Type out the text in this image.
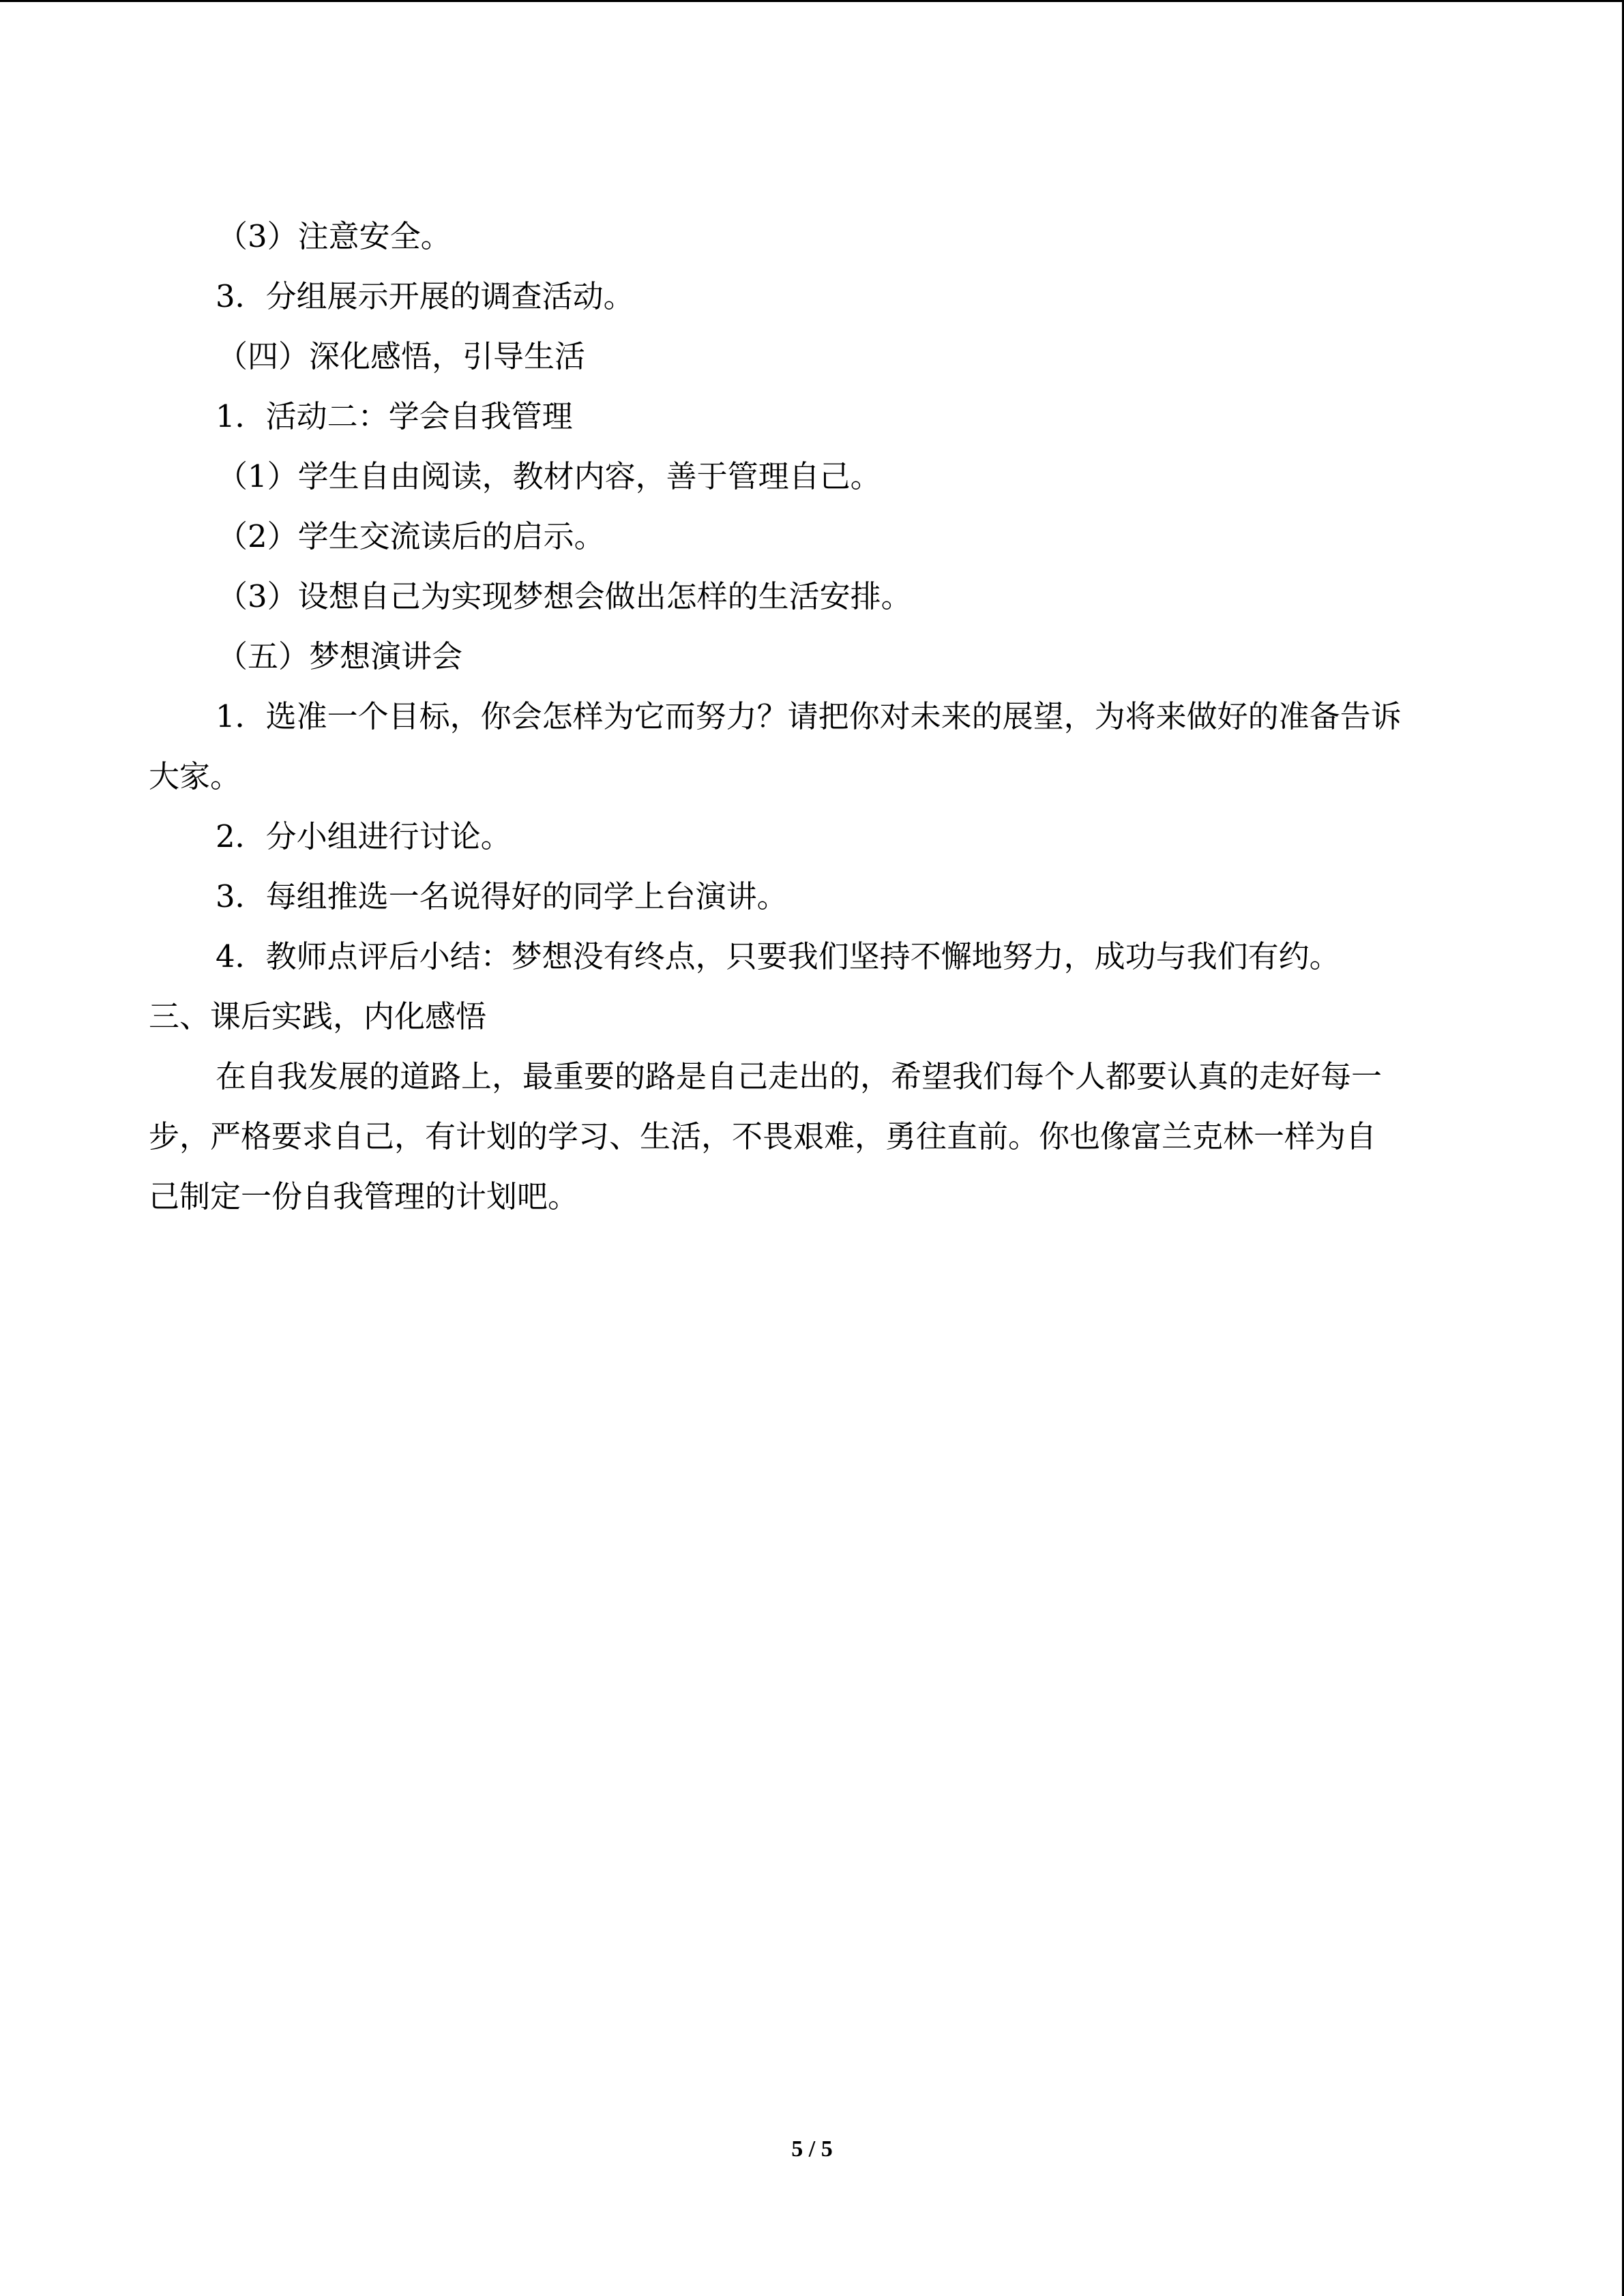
（3）注意安全。
3．分组展示开展的调查活动。
（四）深化感悟，引导生活
1．活动二：学会自我管理
（1）学生自由阅读，教材内容，善于管理自己。
（2）学生交流读后的启示。
（3）设想自己为实现梦想会做出怎样的生活安排。
（五）梦想演讲会
1．选准一个目标，你会怎样为它而努力？请把你对未来的展望，为将来做好的准备告诉
大家。
2．分小组进行讨论。
3．每组推选一名说得好的同学上台演讲。
4．教师点评后小结：梦想没有终点，只要我们坚持不懈地努力，成功与我们有约。
三、课后实践，内化感悟
在自我发展的道路上，最重要的路是自己走出的，希望我们每个人都要认真的走好每一
步，严格要求自己，有计划的学习、生活，不畏艰难，勇往直前。你也像富兰克林一样为自
己制定一份自我管理的计划吧。
5 / 5
